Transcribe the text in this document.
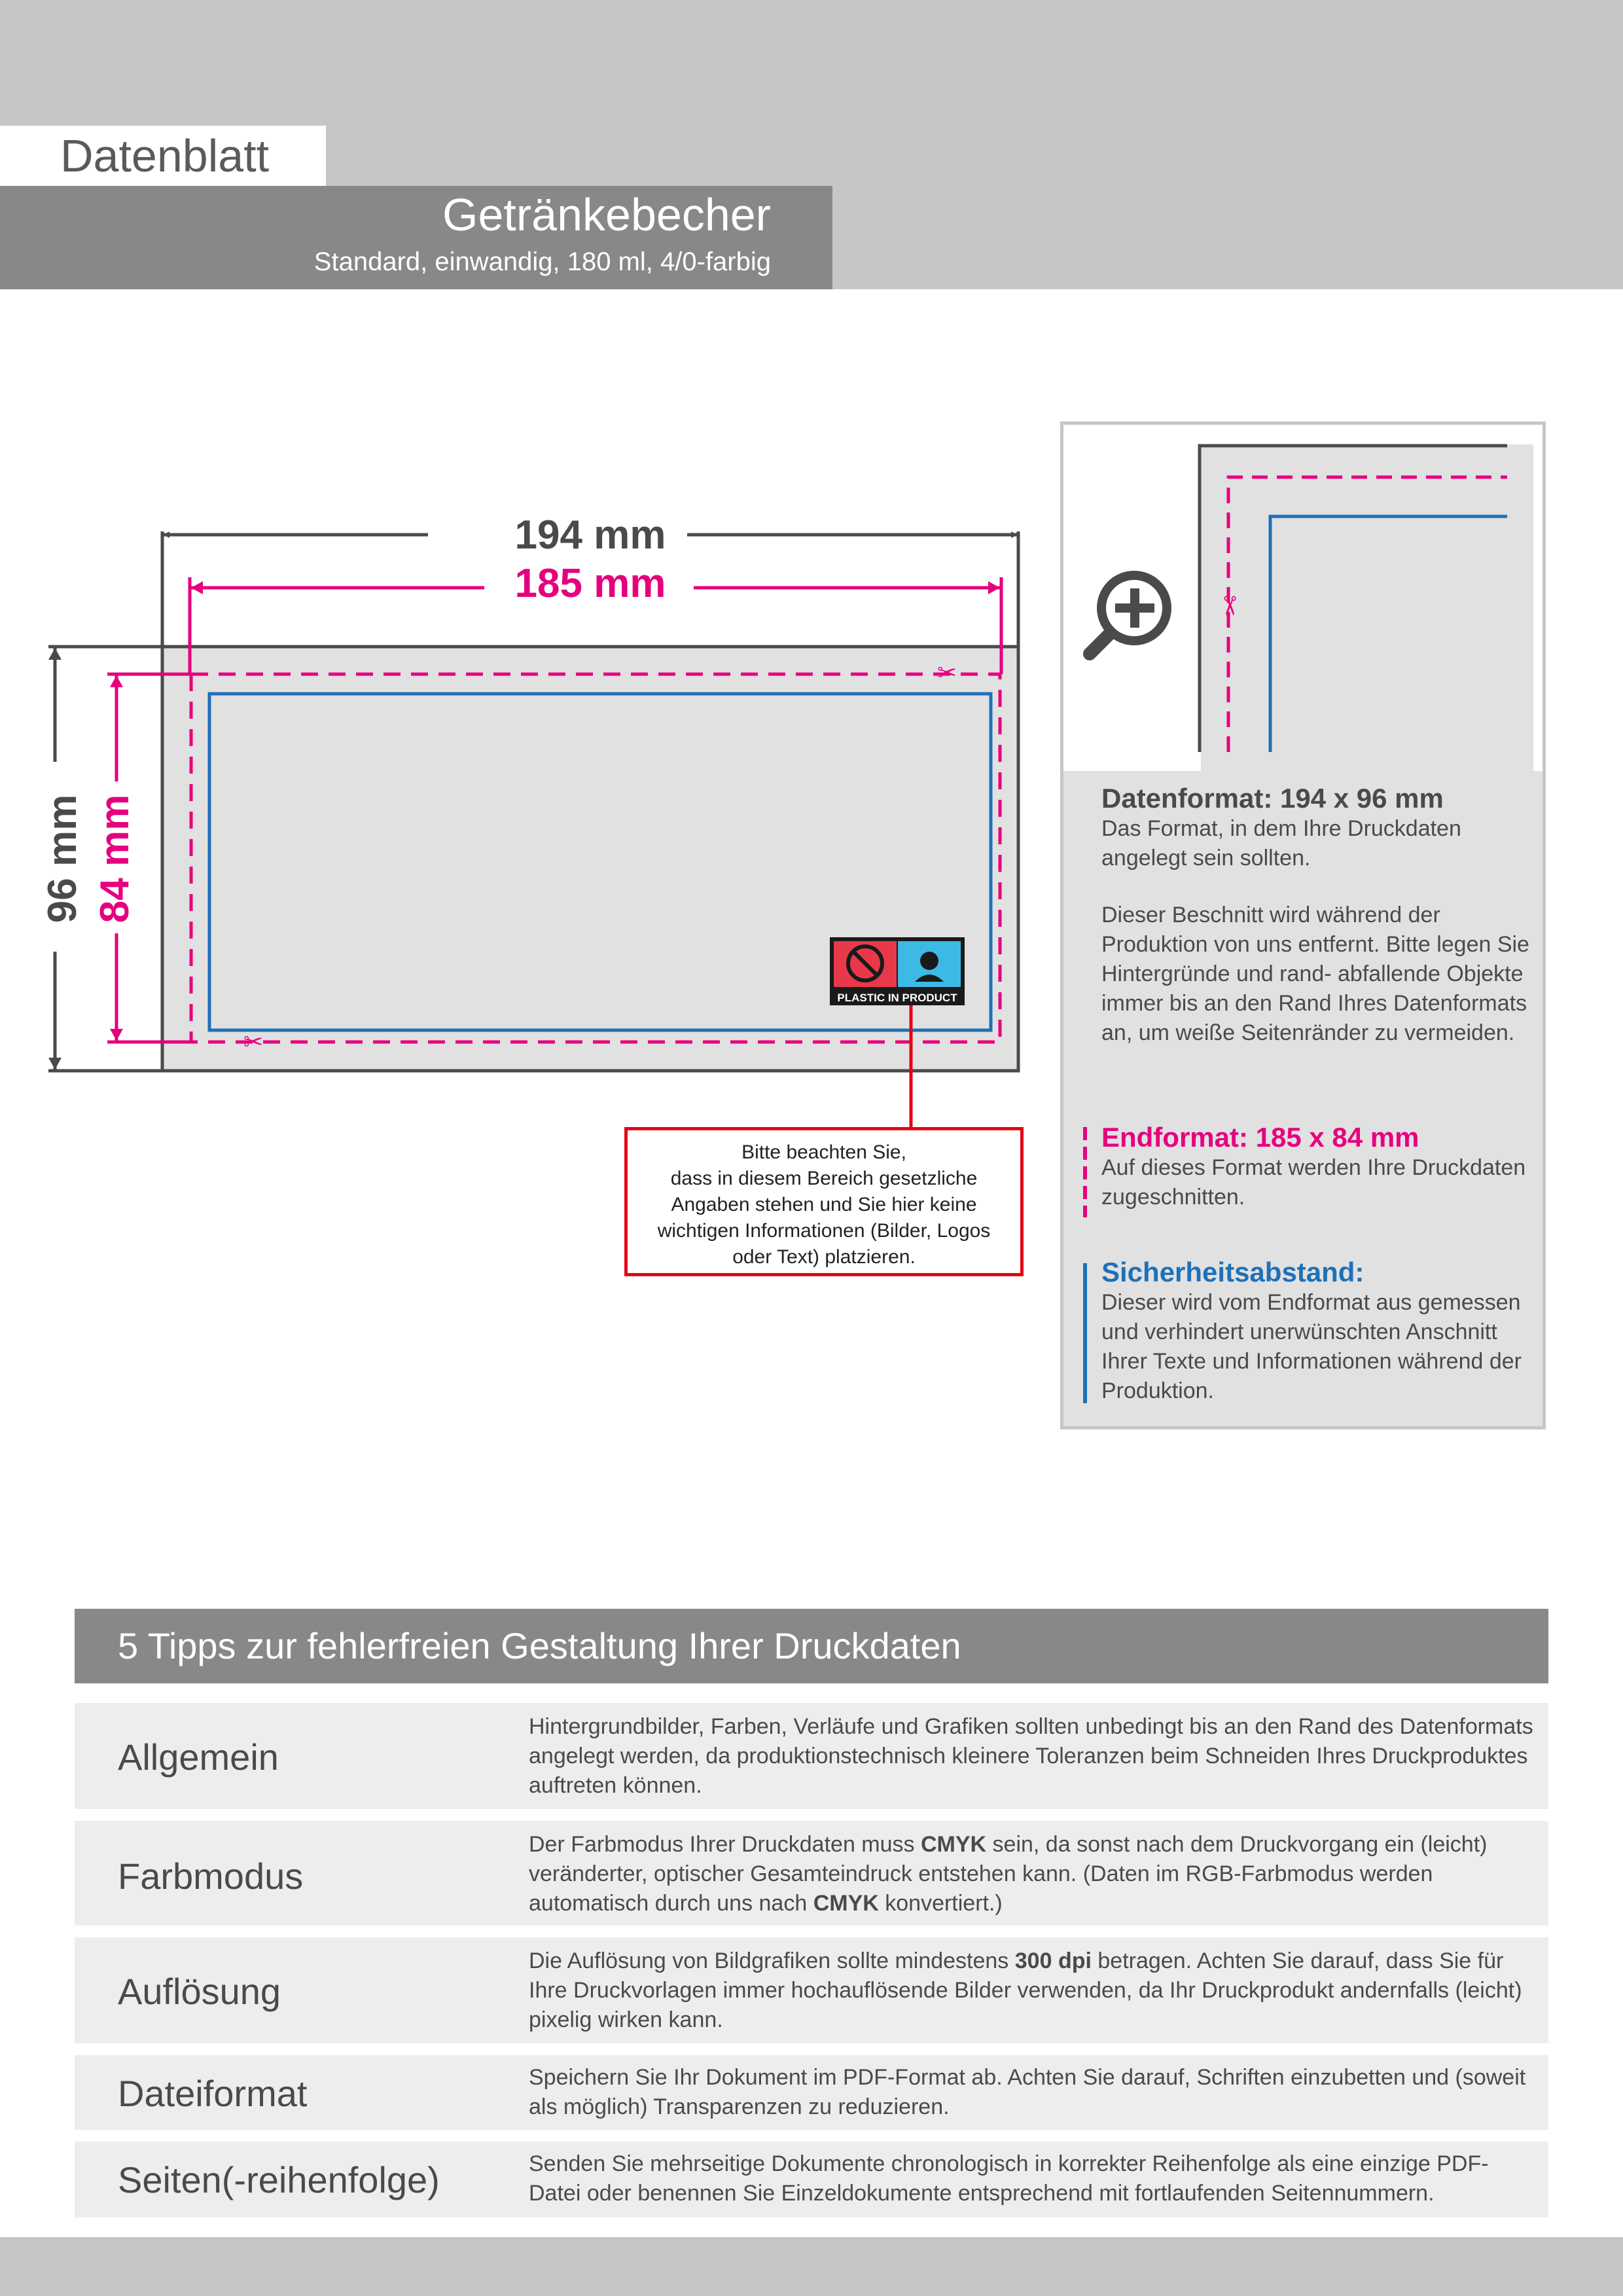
Datenblatt
Getränkebecher
Standard, einwandig, 180 ml, 4/0-farbig
✂
✂
194 mm
185 mm
96 mm 84 mm
PLASTIC IN PRODUCT
Bitte beachten Sie,
dass in diesem Bereich gesetzliche
Angaben stehen und Sie hier keine
wichtigen Informationen (Bilder, Logos
oder Text) platzieren.
✂
Datenformat: 194 x 96 mm
Das Format, in dem Ihre Druckdaten angelegt sein sollten.
Dieser Beschnitt wird während der Produktion von uns entfernt. Bitte legen Sie Hintergründe und rand- abfallende Objekte immer bis an den Rand Ihres Datenformats an, um weiße Seitenränder zu vermeiden.
Endformat: 185 x 84 mm
Auf dieses Format werden Ihre Druckdaten zugeschnitten.
Sicherheitsabstand:
Dieser wird vom Endformat aus gemessen und verhindert unerwünschten Anschnitt Ihrer Texte und Informationen während der Produktion.
5 Tipps zur fehlerfreien Gestaltung Ihrer Druckdaten
Allgemein
Hintergrundbilder, Farben, Verläufe und Grafiken sollten unbedingt bis an den Rand des Datenformats angelegt werden, da produktionstechnisch kleinere Toleranzen beim Schneiden Ihres Druckproduktes auftreten können.
Farbmodus
Der Farbmodus Ihrer Druckdaten muss CMYK sein, da sonst nach dem Druckvorgang ein (leicht) veränderter, optischer Gesamteindruck entstehen kann. (Daten im RGB-Farbmodus werden automatisch durch uns nach CMYK konvertiert.)
Auflösung
Die Auflösung von Bildgrafiken sollte mindestens 300 dpi betragen. Achten Sie darauf, dass Sie für Ihre Druckvorlagen immer hochauflösende Bilder verwenden, da Ihr Druckprodukt andernfalls (leicht) pixelig wirken kann.
Dateiformat	Speichern Sie Ihr Dokument im PDF-Format ab. Achten Sie darauf, Schriften einzubetten und (soweit als möglich) Transparenzen zu reduzieren.
Seiten(-reihenfolge)	Senden Sie mehrseitige Dokumente chronologisch in korrekter Reihenfolge als eine einzige PDF-Datei oder benennen Sie Einzeldokumente entsprechend mit fortlaufenden Seitennummern.
